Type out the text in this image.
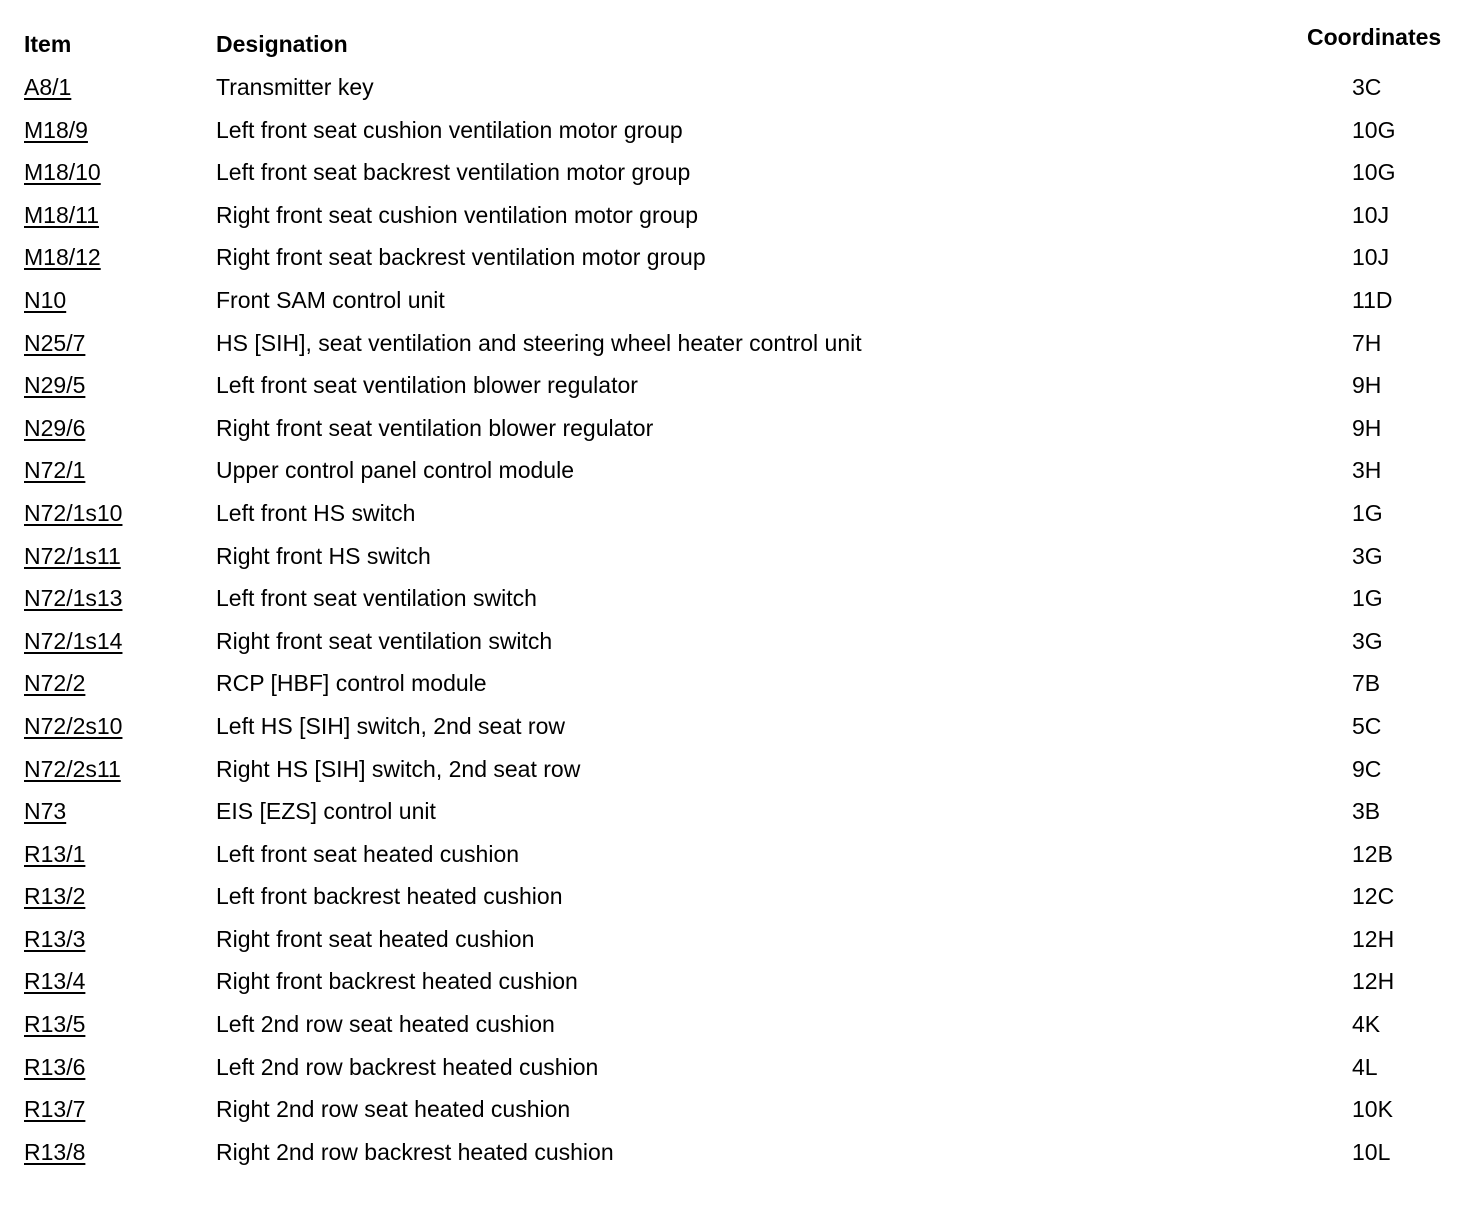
Item	Designation	Coordinates
A8/1	Transmitter key	3C
M18/9	Left front seat cushion ventilation motor group	10G
M18/10	Left front seat backrest ventilation motor group	10G
M18/11	Right front seat cushion ventilation motor group	10J
M18/12	Right front seat backrest ventilation motor group	10J
N10	Front SAM control unit	11D
N25/7	HS [SIH], seat ventilation and steering wheel heater control unit	7H
N29/5	Left front seat ventilation blower regulator	9H
N29/6	Right front seat ventilation blower regulator	9H
N72/1	Upper control panel control module	3H
N72/1s10	Left front HS switch	1G
N72/1s11	Right front HS switch	3G
N72/1s13	Left front seat ventilation switch	1G
N72/1s14	Right front seat ventilation switch	3G
N72/2	RCP [HBF] control module	7B
N72/2s10	Left HS [SIH] switch, 2nd seat row	5C
N72/2s11	Right HS [SIH] switch, 2nd seat row	9C
N73	EIS [EZS] control unit	3B
R13/1	Left front seat heated cushion	12B
R13/2	Left front backrest heated cushion	12C
R13/3	Right front seat heated cushion	12H
R13/4	Right front backrest heated cushion	12H
R13/5	Left 2nd row seat heated cushion	4K
R13/6	Left 2nd row backrest heated cushion	4L
R13/7	Right 2nd row seat heated cushion	10K
R13/8	Right 2nd row backrest heated cushion	10L
